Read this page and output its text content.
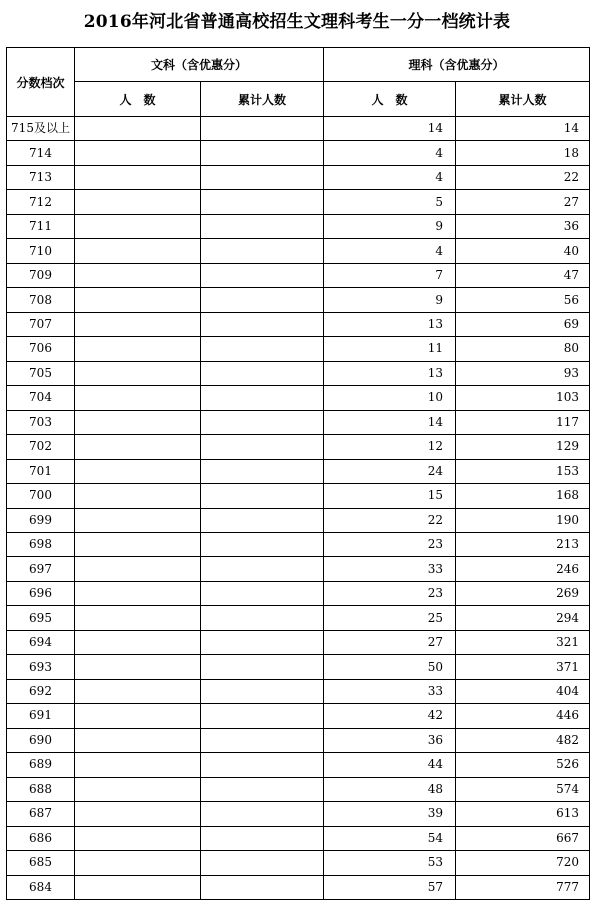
2016年河北省普通高校招生文理科考生一分一档统计表
分数档次	文科（含优惠分）		理科（含优惠分）	
	人　数	累计人数	人　数	累计人数
715及以上			14	14
714			4	18
713			4	22
712			5	27
711			9	36
710			4	40
709			7	47
708			9	56
707			13	69
706			11	80
705			13	93
704			10	103
703			14	117
702			12	129
701			24	153
700			15	168
699			22	190
698			23	213
697			33	246
696			23	269
695			25	294
694			27	321
693			50	371
692			33	404
691			42	446
690			36	482
689			44	526
688			48	574
687			39	613
686			54	667
685			53	720
684			57	777
